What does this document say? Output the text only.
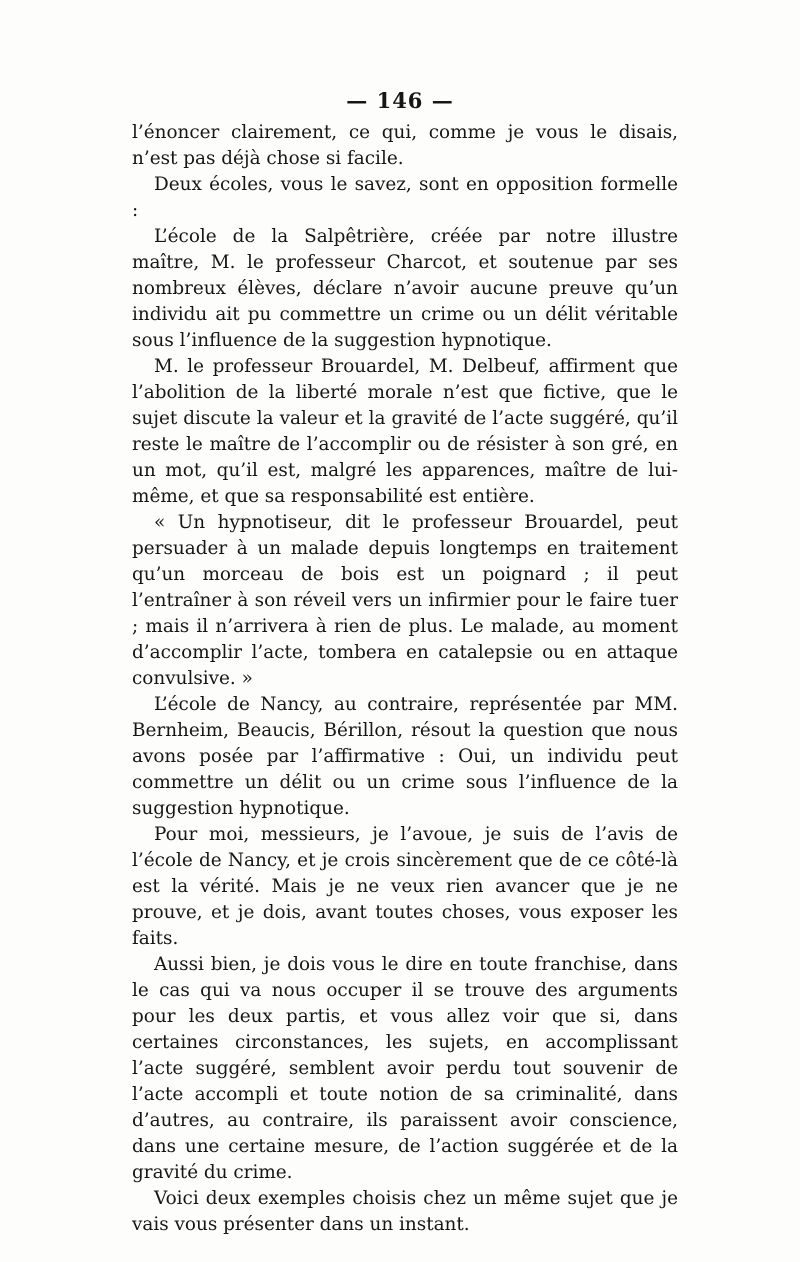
— 146 —

l’énoncer clairement, ce qui, comme je vous le disais, n’est pas déjà chose si facile.

Deux écoles, vous le savez, sont en opposition formelle :

L’école de la Salpêtrière, créée par notre illustre maître, M. le professeur Charcot, et soutenue par ses nombreux élèves, déclare n’avoir aucune preuve qu’un individu ait pu commettre un crime ou un délit véritable sous l’influence de la suggestion hypnotique.

M. le professeur Brouardel, M. Delbeuf, affirment que l’abolition de la liberté morale n’est que fictive, que le sujet discute la valeur et la gravité de l’acte suggéré, qu’il reste le maître de l’accomplir ou de résister à son gré, en un mot, qu’il est, malgré les apparences, maître de lui-même, et que sa responsabilité est entière.

« Un hypnotiseur, dit le professeur Brouardel, peut persuader à un malade depuis longtemps en traitement qu’un morceau de bois est un poignard ; il peut l’entraîner à son réveil vers un infirmier pour le faire tuer ; mais il n’arrivera à rien de plus. Le malade, au moment d’accomplir l’acte, tombera en catalepsie ou en attaque convulsive. »

L’école de Nancy, au contraire, représentée par MM. Bernheim, Beaucis, Bérillon, résout la question que nous avons posée par l’affirmative : Oui, un individu peut commettre un délit ou un crime sous l’influence de la suggestion hypnotique.

Pour moi, messieurs, je l’avoue, je suis de l’avis de l’école de Nancy, et je crois sincèrement que de ce côté-là est la vérité. Mais je ne veux rien avancer que je ne prouve, et je dois, avant toutes choses, vous exposer les faits.

Aussi bien, je dois vous le dire en toute franchise, dans le cas qui va nous occuper il se trouve des arguments pour les deux partis, et vous allez voir que si, dans certaines circonstances, les sujets, en accomplissant l’acte suggéré, semblent avoir perdu tout souvenir de l’acte accompli et toute notion de sa criminalité, dans d’autres, au contraire, ils paraissent avoir conscience, dans une certaine mesure, de l’action suggérée et de la gravité du crime.

Voici deux exemples choisis chez un même sujet que je vais vous présenter dans un instant.
